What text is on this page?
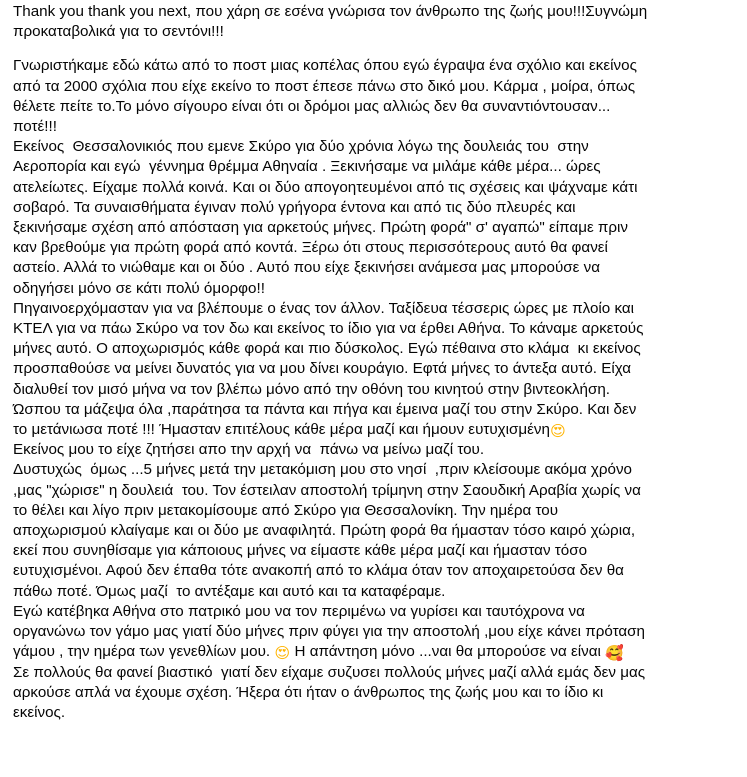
Thank you thank you next, που χάρη σε εσένα γνώρισα τον άνθρωπο της ζωής μου!!!Συγνώμη
προκαταβολικά για το σεντόνι!!!

Γνωριστήκαμε εδώ κάτω από το ποστ μιας κοπέλας όπου εγώ έγραψα ένα σχόλιο και εκείνος
από τα 2000 σχόλια που είχε εκείνο το ποστ έπεσε πάνω στο δικό μου. Κάρμα , μοίρα, όπως
θέλετε πείτε το.Το μόνο σίγουρο είναι ότι οι δρόμοι μας αλλιώς δεν θα συναντιόντουσαν...
ποτέ!!!
Εκείνος  Θεσσαλονικιός που εμενε Σκύρο για δύο χρόνια λόγω της δουλειάς του  στην
Αεροπορία και εγώ  γέννημα θρέμμα Αθηναία . Ξεκινήσαμε να μιλάμε κάθε μέρα... ώρες
ατελείωτες. Είχαμε πολλά κοινά. Και οι δύο απογοητευμένοι από τις σχέσεις και ψάχναμε κάτι
σοβαρό. Τα συναισθήματα έγιναν πολύ γρήγορα έντονα και από τις δύο πλευρές και
ξεκινήσαμε σχέση από απόσταση για αρκετούς μήνες. Πρώτη φορά" σ' αγαπώ" είπαμε πριν
καν βρεθούμε για πρώτη φορά από κοντά. Ξέρω ότι στους περισσότερους αυτό θα φανεί
αστείο. Αλλά το νιώθαμε και οι δύο . Αυτό που είχε ξεκινήσει ανάμεσα μας μπορούσε να
οδηγήσει μόνο σε κάτι πολύ όμορφο!!
Πηγαινοερχόμασταν για να βλέπουμε ο ένας τον άλλον. Ταξίδευα τέσσερις ώρες με πλοίο και
ΚΤΕΛ για να πάω Σκύρο να τον δω και εκείνος το ίδιο για να έρθει Αθήνα. Το κάναμε αρκετούς
μήνες αυτό. Ο αποχωρισμός κάθε φορά και πιο δύσκολος. Εγώ πέθαινα στο κλάμα  κι εκείνος
προσπαθούσε να μείνει δυνατός για να μου δίνει κουράγιο. Εφτά μήνες το άντεξα αυτό. Είχα
διαλυθεί τον μισό μήνα να τον βλέπω μόνο από την οθόνη του κινητού στην βιντεοκλήση.
Ώσπου τα μάζεψα όλα ,παράτησα τα πάντα και πήγα και έμεινα μαζί του στην Σκύρο. Και δεν
το μετάνιωσα ποτέ !!! Ήμασταν επιτέλους κάθε μέρα μαζί και ήμουν ευτυχισμένη😍
Εκείνος μου το είχε ζητήσει απο την αρχή να  πάνω να μείνω μαζί του.
Δυστυχώς  όμως ...5 μήνες μετά την μετακόμιση μου στο νησί  ,πριν κλείσουμε ακόμα χρόνο
,μας "χώρισε" η δουλειά  του. Τον έστειλαν αποστολή τρίμηνη στην Σαουδική Αραβία χωρίς να
το θέλει και λίγο πριν μετακομίσουμε από Σκύρο για Θεσσαλονίκη. Την ημέρα του
αποχωρισμού κλαίγαμε και οι δύο με αναφιλητά. Πρώτη φορά θα ήμασταν τόσο καιρό χώρια,
εκεί που συνηθίσαμε για κάποιους μήνες να είμαστε κάθε μέρα μαζί και ήμασταν τόσο
ευτυχισμένοι. Αφού δεν έπαθα τότε ανακοπή από το κλάμα όταν τον αποχαιρετούσα δεν θα
πάθω ποτέ. Όμως μαζί  το αντέξαμε και αυτό και τα καταφέραμε.
Εγώ κατέβηκα Αθήνα στο πατρικό μου να τον περιμένω να γυρίσει και ταυτόχρονα να
οργανώνω τον γάμο μας γιατί δύο μήνες πριν φύγει για την αποστολή ,μου είχε κάνει πρόταση
γάμου , την ημέρα των γενεθλίων μου. 😍 Η απάντηση μόνο ...ναι θα μπορούσε να είναι 🥰
Σε πολλούς θα φανεί βιαστικό  γιατί δεν είχαμε συζυσει πολλούς μήνες μαζί αλλά εμάς δεν μας
αρκούσε απλά να έχουμε σχέση. Ήξερα ότι ήταν ο άνθρωπος της ζωής μου και το ίδιο κι
εκείνος.
